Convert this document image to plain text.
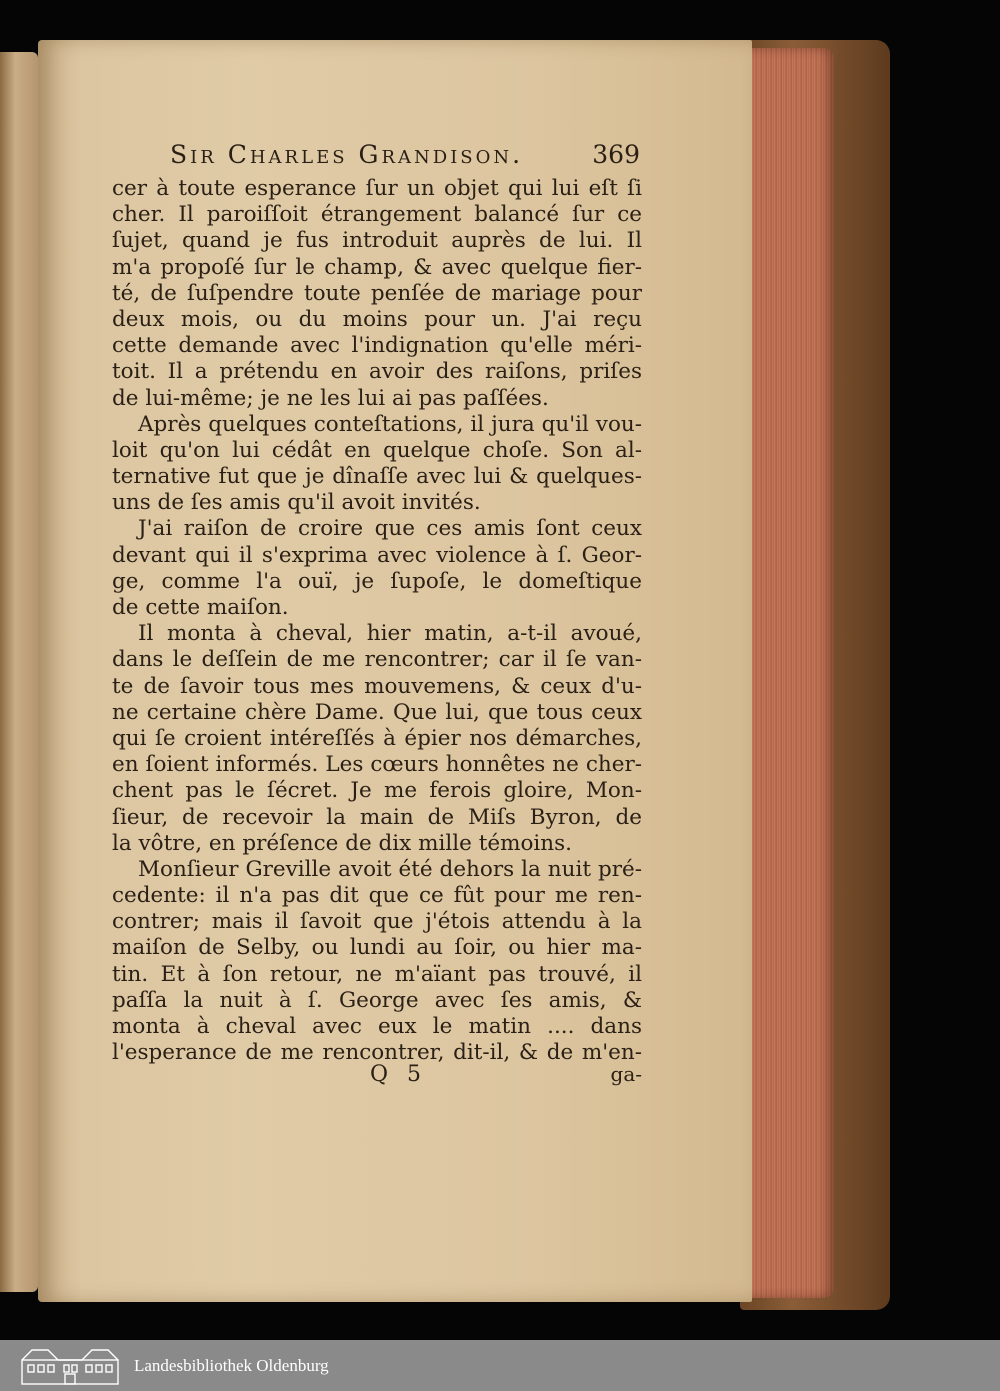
Sir Charles Grandison.	369
cer à toute esperance ſur un objet qui lui eſt ſi
cher. Il paroiſſoit étrangement balancé ſur ce
ſujet, quand je fus introduit auprès de lui. Il
m'a propoſé ſur le champ, & avec quelque fier-
té, de ſuſpendre toute penſée de mariage pour
deux mois, ou du moins pour un. J'ai reçu
cette demande avec l'indignation qu'elle méri-
toit. Il a prétendu en avoir des raiſons, priſes
de lui-même; je ne les lui ai pas paſſées.
Après quelques conteſtations, il jura qu'il vou-
loit qu'on lui cédât en quelque choſe. Son al-
ternative fut que je dînaſſe avec lui & quelques-
uns de ſes amis qu'il avoit invités.
J'ai raiſon de croire que ces amis ſont ceux
devant qui il s'exprima avec violence à ſ. Geor-
ge, comme l'a ouï, je ſupoſe, le domeſtique
de cette maiſon.
Il monta à cheval, hier matin, a-t-il avoué,
dans le deſſein de me rencontrer; car il ſe van-
te de ſavoir tous mes mouvemens, & ceux d'u-
ne certaine chère Dame. Que lui, que tous ceux
qui ſe croient intéreſſés à épier nos démarches,
en ſoient informés. Les cœurs honnêtes ne cher-
chent pas le ſécret. Je me ferois gloire, Mon-
ſieur, de recevoir la main de Miſs Byron, de
la vôtre, en préſence de dix mille témoins.
Monſieur Greville avoit été dehors la nuit pré-
cedente: il n'a pas dit que ce fût pour me ren-
contrer; mais il ſavoit que j'étois attendu à la
maiſon de Selby, ou lundi au ſoir, ou hier ma-
tin. Et à ſon retour, ne m'aïant pas trouvé, il
paſſa la nuit à ſ. George avec ſes amis, &
monta à cheval avec eux le matin .... dans
l'esperance de me rencontrer, dit-il, & de m'en-
Q 5	ga-
Landesbibliothek Oldenburg
